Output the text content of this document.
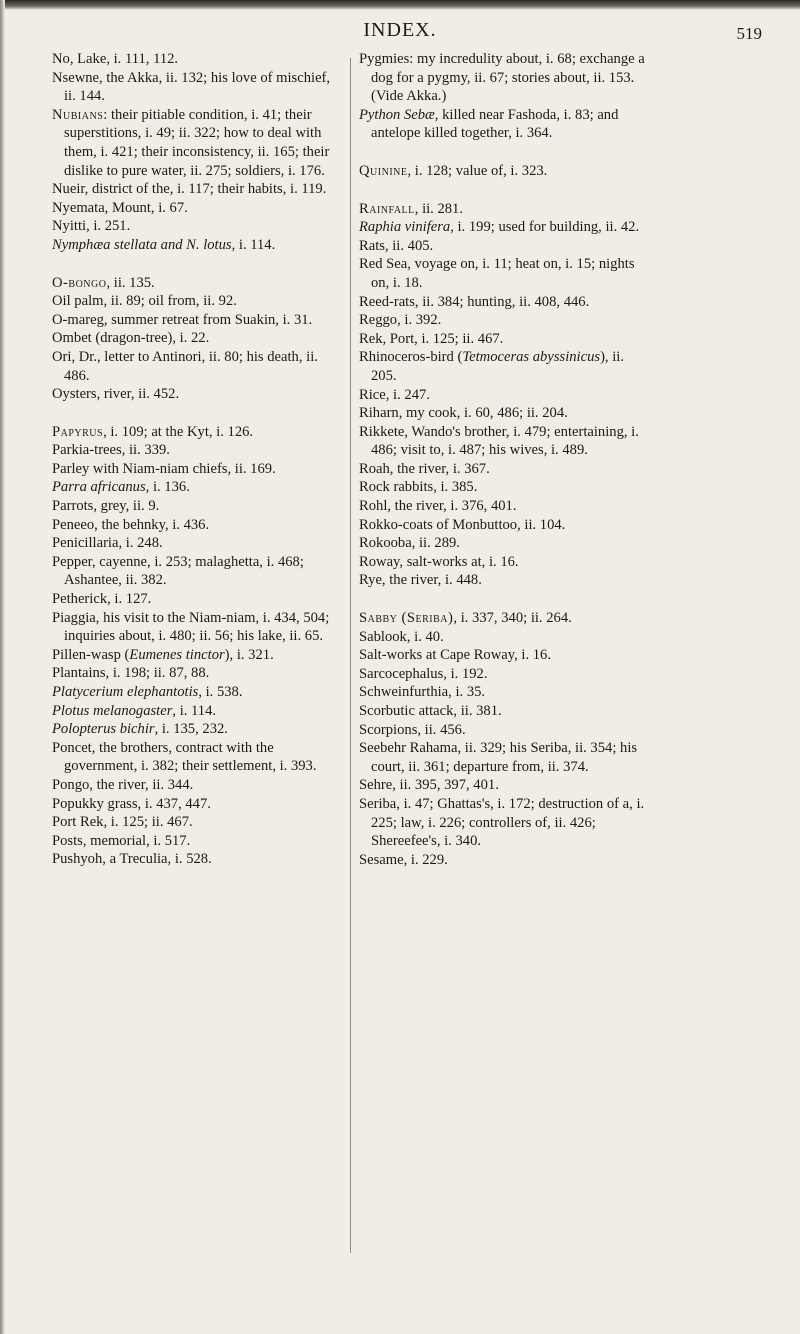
INDEX.	519

No, Lake, i. 111, 112.

Nsewne, the Akka, ii. 132; his love of mischief, ii. 144.

Nubians: their pitiable condition, i. 41; their superstitions, i. 49; ii. 322; how to deal with them, i. 421; their inconsistency, ii. 165; their dislike to pure water, ii. 275; soldiers, i. 176.

Nueir, district of the, i. 117; their habits, i. 119.

Nyemata, Mount, i. 67.

Nyitti, i. 251.

Nymphæa stellata and N. lotus, i. 114.

O-bongo, ii. 135.

Oil palm, ii. 89; oil from, ii. 92.

O-mareg, summer retreat from Suakin, i. 31.

Ombet (dragon-tree), i. 22.

Ori, Dr., letter to Antinori, ii. 80; his death, ii. 486.

Oysters, river, ii. 452.

Papyrus, i. 109; at the Kyt, i. 126.

Parkia-trees, ii. 339.

Parley with Niam-niam chiefs, ii. 169.

Parra africanus, i. 136.

Parrots, grey, ii. 9.

Peneeo, the behnky, i. 436.

Penicillaria, i. 248.

Pepper, cayenne, i. 253; malaghetta, i. 468; Ashantee, ii. 382.

Petherick, i. 127.

Piaggia, his visit to the Niam-niam, i. 434, 504; inquiries about, i. 480; ii. 56; his lake, ii. 65.

Pillen-wasp (Eumenes tinctor), i. 321.

Plantains, i. 198; ii. 87, 88.

Platycerium elephantotis, i. 538.

Plotus melanogaster, i. 114.

Polopterus bichir, i. 135, 232.

Poncet, the brothers, contract with the government, i. 382; their settlement, i. 393.

Pongo, the river, ii. 344.

Popukky grass, i. 437, 447.

Port Rek, i. 125; ii. 467.

Posts, memorial, i. 517.

Pushyoh, a Treculia, i. 528.

Pygmies: my incredulity about, i. 68; exchange a dog for a pygmy, ii. 67; stories about, ii. 153. (Vide Akka.)

Python Sebæ, killed near Fashoda, i. 83; and antelope killed together, i. 364.

Quinine, i. 128; value of, i. 323.

Rainfall, ii. 281.

Raphia vinifera, i. 199; used for building, ii. 42.

Rats, ii. 405.

Red Sea, voyage on, i. 11; heat on, i. 15; nights on, i. 18.

Reed-rats, ii. 384; hunting, ii. 408, 446.

Reggo, i. 392.

Rek, Port, i. 125; ii. 467.

Rhinoceros-bird (Tetmoceras abyssinicus), ii. 205.

Rice, i. 247.

Riharn, my cook, i. 60, 486; ii. 204.

Rikkete, Wando's brother, i. 479; entertaining, i. 486; visit to, i. 487; his wives, i. 489.

Roah, the river, i. 367.

Rock rabbits, i. 385.

Rohl, the river, i. 376, 401.

Rokko-coats of Monbuttoo, ii. 104.

Rokooba, ii. 289.

Roway, salt-works at, i. 16.

Rye, the river, i. 448.

Sabby (Seriba), i. 337, 340; ii. 264.

Sablook, i. 40.

Salt-works at Cape Roway, i. 16.

Sarcocephalus, i. 192.

Schweinfurthia, i. 35.

Scorbutic attack, ii. 381.

Scorpions, ii. 456.

Seebehr Rahama, ii. 329; his Seriba, ii. 354; his court, ii. 361; departure from, ii. 374.

Sehre, ii. 395, 397, 401.

Seriba, i. 47; Ghattas's, i. 172; destruction of a, i. 225; law, i. 226; controllers of, ii. 426; Shereefee's, i. 340.

Sesame, i. 229.
